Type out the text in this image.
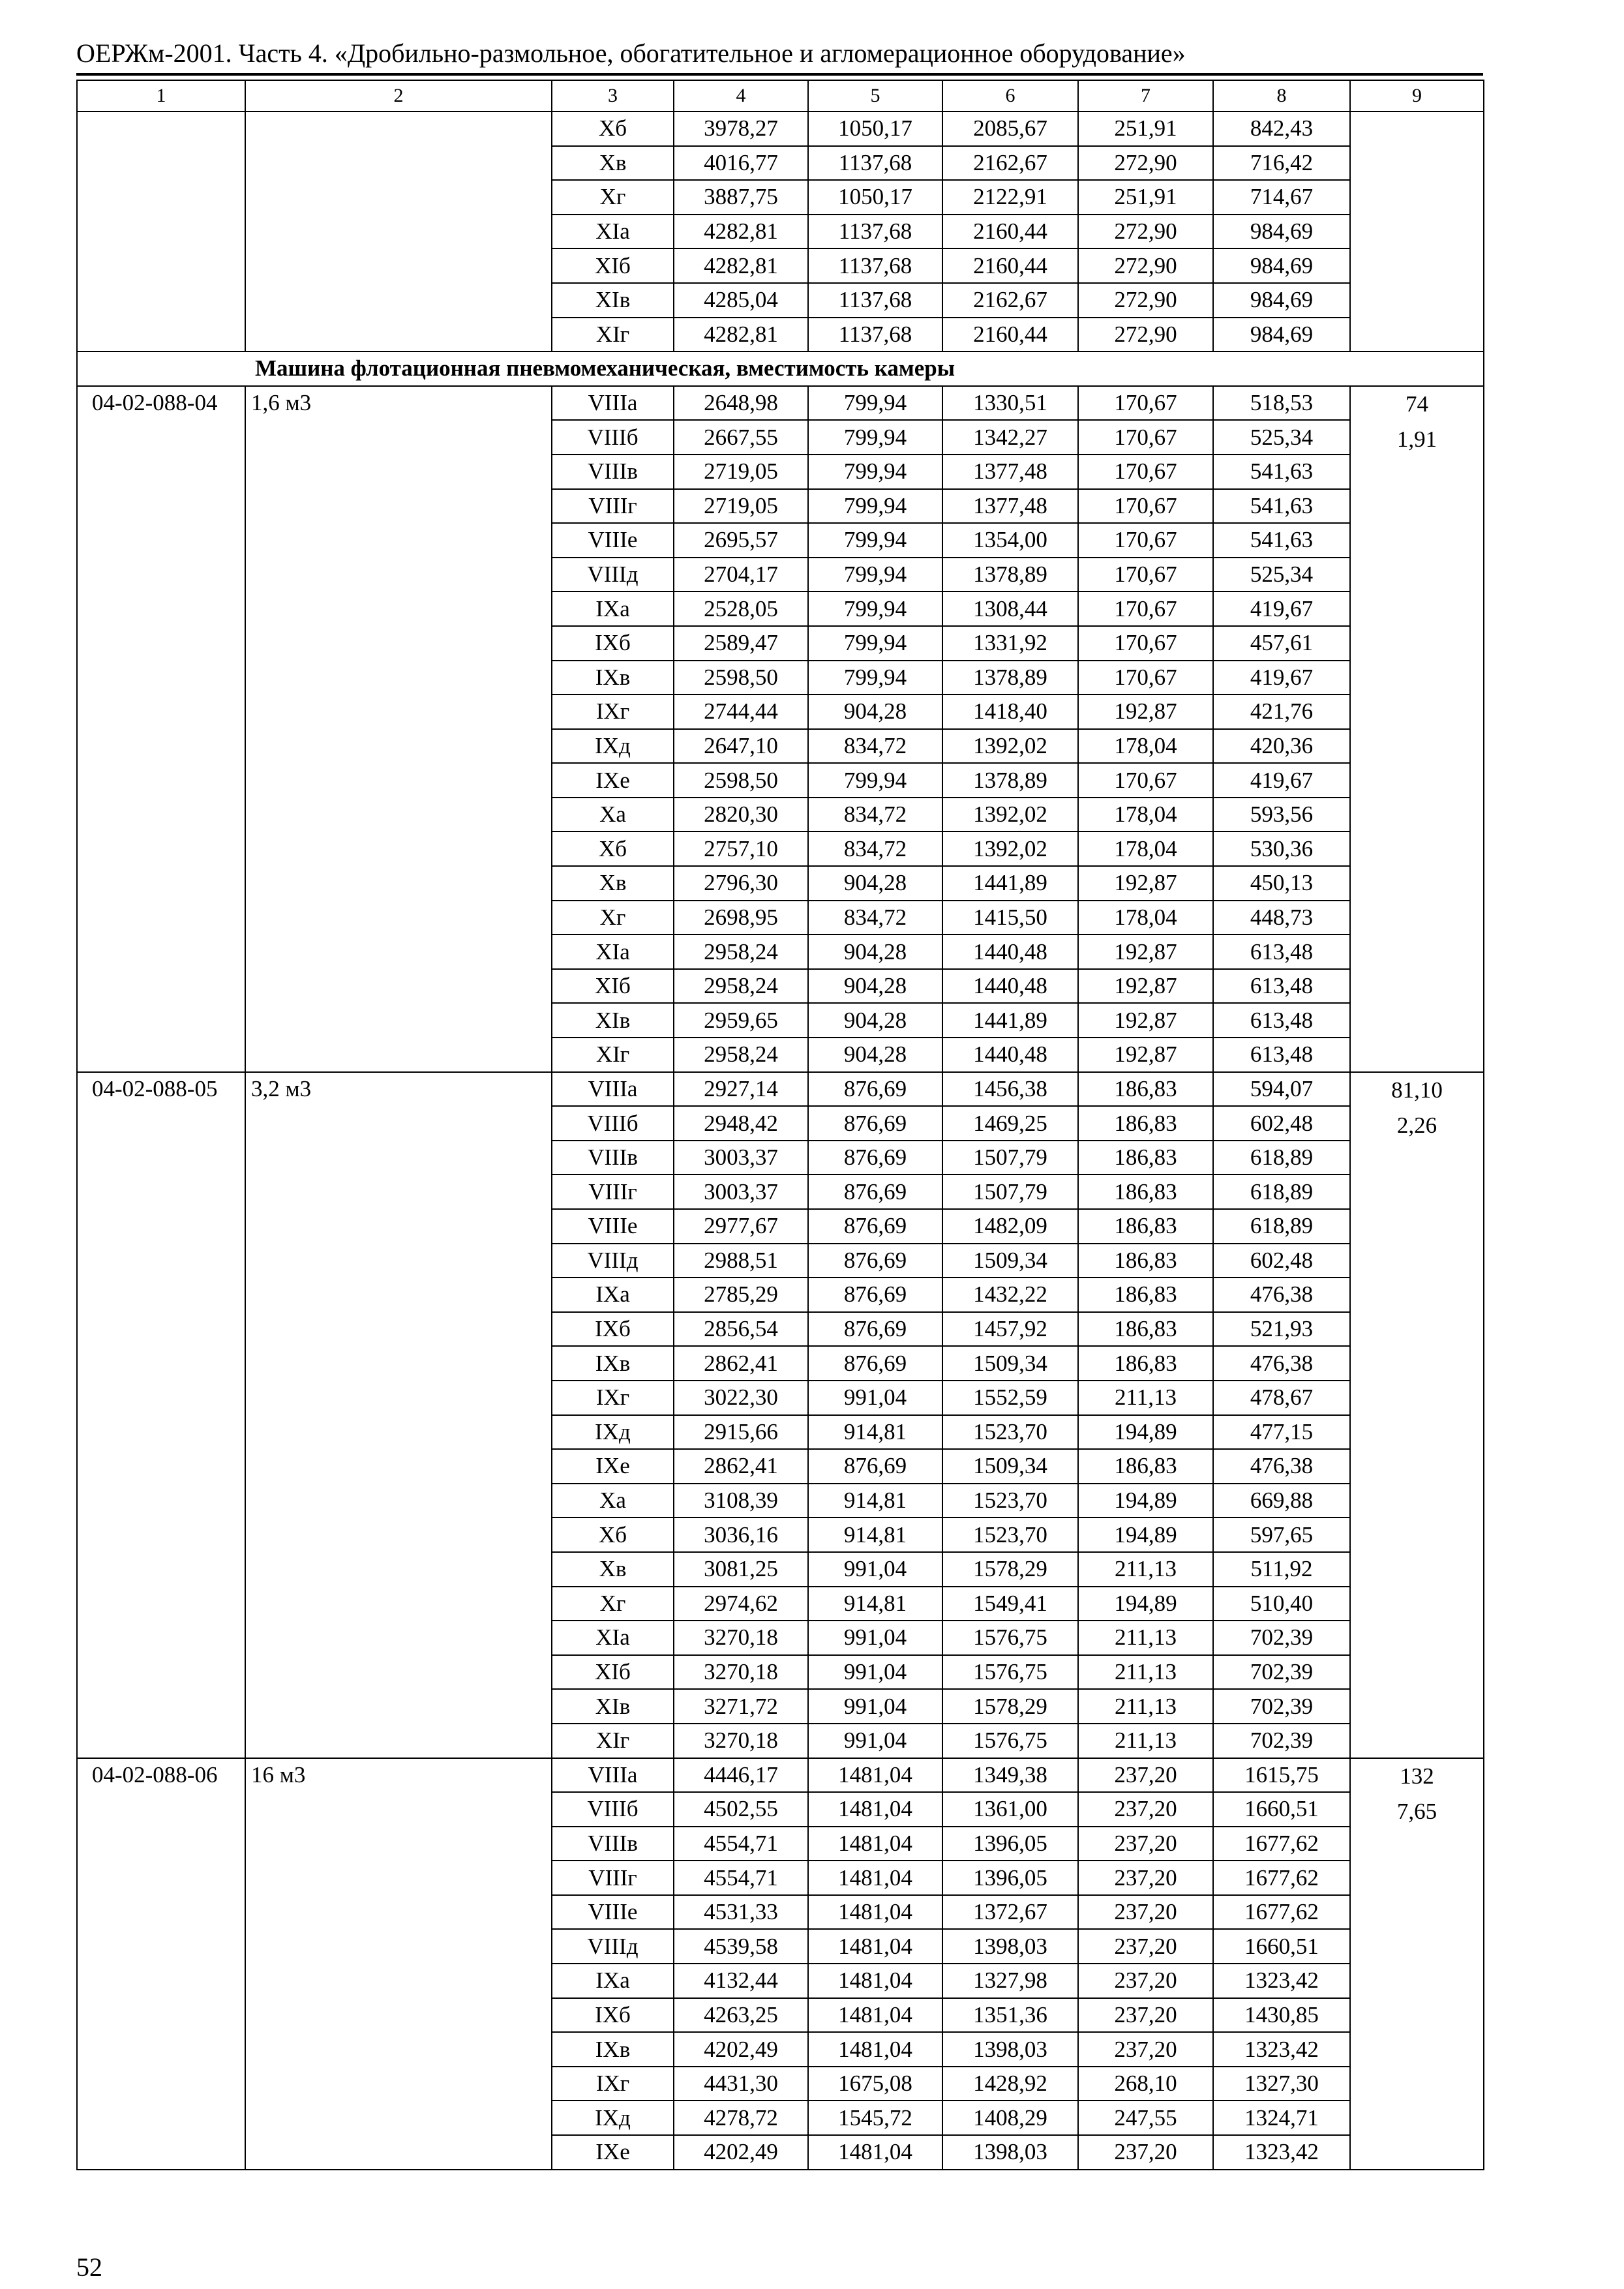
ОЕРЖм-2001. Часть 4. «Дробильно-размольное, обогатительное и агломерационное оборудование»
1	2	3	4	5	6	7	8	9
		Хб	3978,27	1050,17	2085,67	251,91	842,43	
		Хв	4016,77	1137,68	2162,67	272,90	716,42	
		Хг	3887,75	1050,17	2122,91	251,91	714,67	
		ХIа	4282,81	1137,68	2160,44	272,90	984,69	
		ХIб	4282,81	1137,68	2160,44	272,90	984,69	
		ХIв	4285,04	1137,68	2162,67	272,90	984,69	
		ХIг	4282,81	1137,68	2160,44	272,90	984,69	
Машина флотационная пневмомеханическая, вместимость камеры								
04-02-088-04	1,6 м3	VIIIа	2648,98	799,94	1330,51	170,67	518,53	74
1,91

		VIIIб	2667,55	799,94	1342,27	170,67	525,34	
		VIIIв	2719,05	799,94	1377,48	170,67	541,63	
		VIIIг	2719,05	799,94	1377,48	170,67	541,63	
		VIIIе	2695,57	799,94	1354,00	170,67	541,63	
		VIIIд	2704,17	799,94	1378,89	170,67	525,34	
		IХа	2528,05	799,94	1308,44	170,67	419,67	
		IХб	2589,47	799,94	1331,92	170,67	457,61	
		IХв	2598,50	799,94	1378,89	170,67	419,67	
		IХг	2744,44	904,28	1418,40	192,87	421,76	
		IХд	2647,10	834,72	1392,02	178,04	420,36	
		IХе	2598,50	799,94	1378,89	170,67	419,67	
		Ха	2820,30	834,72	1392,02	178,04	593,56	
		Хб	2757,10	834,72	1392,02	178,04	530,36	
		Хв	2796,30	904,28	1441,89	192,87	450,13	
		Хг	2698,95	834,72	1415,50	178,04	448,73	
		ХIа	2958,24	904,28	1440,48	192,87	613,48	
		ХIб	2958,24	904,28	1440,48	192,87	613,48	
		ХIв	2959,65	904,28	1441,89	192,87	613,48	
		ХIг	2958,24	904,28	1440,48	192,87	613,48	
04-02-088-05	3,2 м3	VIIIа	2927,14	876,69	1456,38	186,83	594,07	81,10
2,26

		VIIIб	2948,42	876,69	1469,25	186,83	602,48	
		VIIIв	3003,37	876,69	1507,79	186,83	618,89	
		VIIIг	3003,37	876,69	1507,79	186,83	618,89	
		VIIIе	2977,67	876,69	1482,09	186,83	618,89	
		VIIIд	2988,51	876,69	1509,34	186,83	602,48	
		IХа	2785,29	876,69	1432,22	186,83	476,38	
		IХб	2856,54	876,69	1457,92	186,83	521,93	
		IХв	2862,41	876,69	1509,34	186,83	476,38	
		IХг	3022,30	991,04	1552,59	211,13	478,67	
		IХд	2915,66	914,81	1523,70	194,89	477,15	
		IХе	2862,41	876,69	1509,34	186,83	476,38	
		Ха	3108,39	914,81	1523,70	194,89	669,88	
		Хб	3036,16	914,81	1523,70	194,89	597,65	
		Хв	3081,25	991,04	1578,29	211,13	511,92	
		Хг	2974,62	914,81	1549,41	194,89	510,40	
		ХIа	3270,18	991,04	1576,75	211,13	702,39	
		ХIб	3270,18	991,04	1576,75	211,13	702,39	
		ХIв	3271,72	991,04	1578,29	211,13	702,39	
		ХIг	3270,18	991,04	1576,75	211,13	702,39	
04-02-088-06	16 м3	VIIIа	4446,17	1481,04	1349,38	237,20	1615,75	132
7,65

		VIIIб	4502,55	1481,04	1361,00	237,20	1660,51	
		VIIIв	4554,71	1481,04	1396,05	237,20	1677,62	
		VIIIг	4554,71	1481,04	1396,05	237,20	1677,62	
		VIIIе	4531,33	1481,04	1372,67	237,20	1677,62	
		VIIIд	4539,58	1481,04	1398,03	237,20	1660,51	
		IХа	4132,44	1481,04	1327,98	237,20	1323,42	
		IХб	4263,25	1481,04	1351,36	237,20	1430,85	
		IХв	4202,49	1481,04	1398,03	237,20	1323,42	
		IХг	4431,30	1675,08	1428,92	268,10	1327,30	
		IХд	4278,72	1545,72	1408,29	247,55	1324,71	
		IХе	4202,49	1481,04	1398,03	237,20	1323,42	
52
